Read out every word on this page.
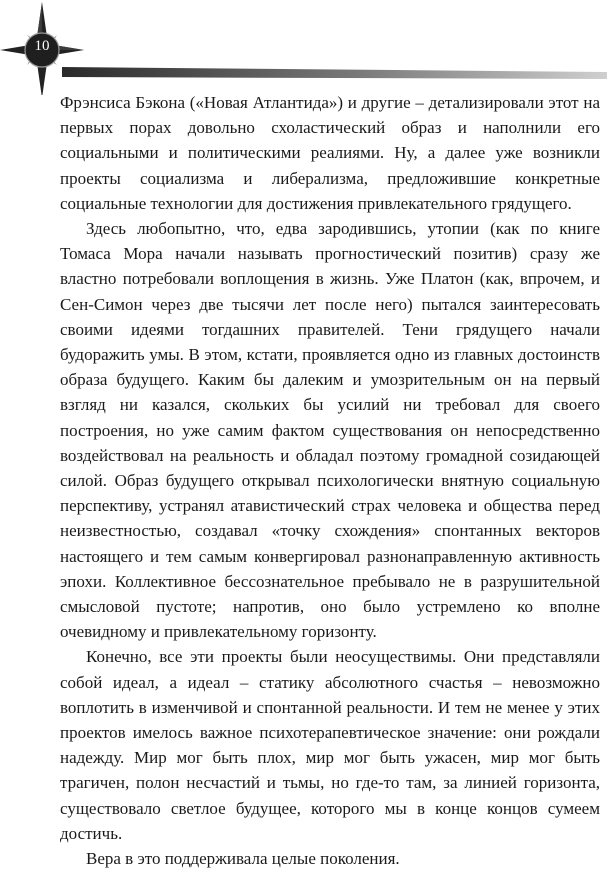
10

Фрэнсиса Бэкона («Новая Атлантида») и другие – детализировали этот на первых порах довольно схоластический образ и наполнили его социальными и политическими реалиями. Ну, а далее уже возникли проекты социализма и либерализма, предложившие конкретные социальные технологии для достижения привлекательного грядущего.

Здесь любопытно, что, едва зародившись, утопии (как по книге Томаса Мора начали называть прогностический позитив) сразу же властно потребовали воплощения в жизнь. Уже Платон (как, впрочем, и Сен-Симон через две тысячи лет после него) пытался заинтересовать своими идеями тогдашних правителей. Тени грядущего начали будоражить умы. В этом, кстати, проявляется одно из главных достоинств образа будущего. Каким бы далеким и умозрительным он на первый взгляд ни казался, скольких бы усилий ни требовал для своего построения, но уже самим фактом существования он непосредственно воздействовал на реальность и обладал поэтому громадной созидающей силой. Образ будущего открывал психологически внятную социальную перспективу, устранял атавистический страх человека и общества перед неизвестностью, создавал «точку схождения» спонтанных векторов настоящего и тем самым конвергировал разнонаправленную активность эпохи. Коллективное бессознательное пребывало не в разрушительной смысловой пустоте; напротив, оно было устремлено ко вполне очевидному и привлекательному горизонту.

Конечно, все эти проекты были неосуществимы. Они представляли собой идеал, а идеал – статику абсолютного счастья – невозможно воплотить в изменчивой и спонтанной реальности. И тем не менее у этих проектов имелось важное психотерапевтическое значение: они рождали надежду. Мир мог быть плох, мир мог быть ужасен, мир мог быть трагичен, полон несчастий и тьмы, но где-то там, за линией горизонта, существовало светлое будущее, которого мы в конце концов сумеем достичь.

Вера в это поддерживала целые поколения.
